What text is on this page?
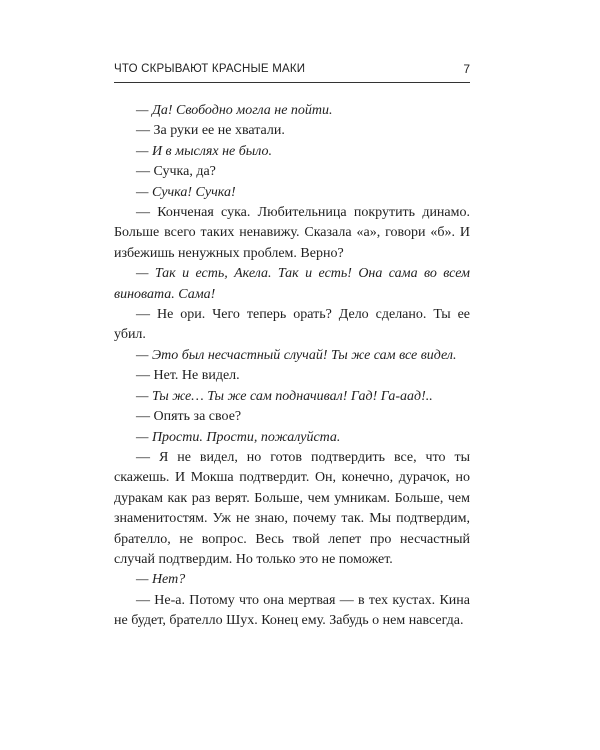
ЧТО СКРЫВАЮТ КРАСНЫЕ МАКИ	7

— Да! Свободно могла не пойти.

— За руки ее не хватали.

— И в мыслях не было.

— Сучка, да?

— Сучка! Сучка!

— Конченая сука. Любительница покрутить динамо. Больше всего таких ненавижу. Сказала «а», говори «б». И избежишь ненужных проблем. Верно?

— Так и есть, Акела. Так и есть! Она сама во всем виновата. Сама!

— Не ори. Чего теперь орать? Дело сделано. Ты ее убил.

— Это был несчастный случай! Ты же сам все видел.

— Нет. Не видел.

— Ты же… Ты же сам подначивал! Гад! Га-аад!..

— Опять за свое?

— Прости. Прости, пожалуйста.

— Я не видел, но готов подтвердить все, что ты скажешь. И Мокша подтвердит. Он, конечно, дурачок, но дуракам как раз верят. Больше, чем умникам. Больше, чем знаменитостям. Уж не знаю, почему так. Мы подтвердим, брателло, не вопрос. Весь твой лепет про несчастный случай подтвердим. Но только это не поможет.

— Нет?

— Не-а. Потому что она мертвая — в тех кустах. Кина не будет, брателло Шух. Конец ему. Забудь о нем навсегда.
